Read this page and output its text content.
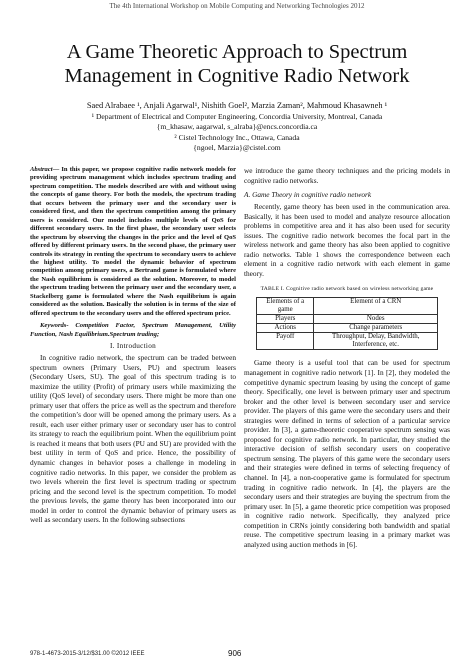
The 4th International Workshop on Mobile Computing and Networking Technologies 2012
A Game Theoretic Approach to Spectrum
Management in Cognitive Radio Network
Saed Alrabaee ¹, Anjali Agarwal¹, Nishith Goel², Marzia Zaman², Mahmoud Khasawneh ¹
¹ Department of Electrical and Computer Engineering, Concordia University, Montreal, Canada
{m_khasaw, aagarwal, s_alraba}@encs.concordia.ca
² Cistel Technology Inc., Ottawa, Canada
{ngoel, Marzia}@cistel.com

Abstract— In this paper, we propose cognitive radio network models for providing spectrum management which includes spectrum trading and spectrum competition. The models described are with and without using the concepts of game theory. For both the models, the spectrum trading that occurs between the primary user and the secondary user is considered first, and then the spectrum competition among the primary users is considered. Our model includes multiple levels of QoS for different secondary users. In the first phase, the secondary user selects the spectrum by observing the changes in the price and the level of QoS offered by different primary users. In the second phase, the primary user controls its strategy in renting the spectrum to secondary users to achieve the highest utility. To model the dynamic behavior of spectrum competition among primary users, a Bertrand game is formulated where the Nash equilibrium is considered as the solution. Moreover, to model the spectrum trading between the primary user and the secondary user, a Stackelberg game is formulated where the Nash equilibrium is again considered as the solution. Basically the solution is in terms of the size of offered spectrum to the secondary users and the offered spectrum price.

Keywords- Competition Factor, Spectrum Management, Utility Function, Nash Equilibrium.Spectrum trading;

I. Introduction

In cognitive radio network, the spectrum can be traded between spectrum owners (Primary Users, PU) and spectrum leasers (Secondary Users, SU). The goal of this spectrum trading is to maximize the utility (Profit) of primary users while maximizing the utility (QoS level) of secondary users. There might be more than one primary user that offers the price as well as the spectrum and therefore the competition’s door will be opened among the primary users. As a result, each user either primary user or secondary user has to control its strategy to reach the equilibrium point. When the equilibrium point is reached it means that both users (PU and SU) are provided with the best utility in term of QoS and price. Hence, the possibility of dynamic changes in behavior poses a challenge in modeling in cognitive radio networks. In this paper, we consider the problem as two levels wherein the first level is spectrum trading or spectrum pricing and the second level is the spectrum competition. To model the previous levels, the game theory has been incorporated into our model in order to control the dynamic behavior of primary users as well as secondary users. In the following subsections

we introduce the game theory techniques and the pricing models in cognitive radio networks.

A. Game Theory in cognitive radio network

Recently, game theory has been used in the communication area. Basically, it has been used to model and analyze resource allocation problems in competitive area and it has also been used for security issues. The cognitive radio network becomes the focal part in the wireless network and game theory has also been applied to cognitive radio networks. Table 1 shows the correspondence between each element in a cognitive radio network with each element in game theory.

TABLE I. Cognitive radio network based on wireless networking game
Elements of a game	Element of a CRN
Players	Nodes
Actions	Change parameters
Payoff	Throughput, Delay, Bandwidth, Interference, etc.

Game theory is a useful tool that can be used for spectrum management in cognitive radio network [1]. In [2], they modeled the competitive dynamic spectrum leasing by using the concept of game theory. Specifically, one level is between primary user and spectrum broker and the other level is between secondary user and service provider. The players of this game were the secondary users and their strategies were defined in terms of selection of a particular service provider. In [3], a game-theoretic cooperative spectrum sensing was proposed for cognitive radio network. In particular, they studied the interactive decision of selfish secondary users on cooperative spectrum sensing. The players of this game were the secondary users and their strategies were defined in terms of selecting frequency of channel. In [4], a non-cooperative game is formulated for spectrum trading in cognitive radio network. In [4], the players are the secondary users and their strategies are buying the spectrum from the primary user. In [5], a game theoretic price competition was proposed in cognitive radio network. Specifically, they analyzed price competition in CRNs jointly considering both bandwidth and spatial reuse. The competitive spectrum leasing in a primary market was analyzed using auction methods in [6].

978-1-4673-2015-3/12/$31.00 ©2012 IEEE	906
